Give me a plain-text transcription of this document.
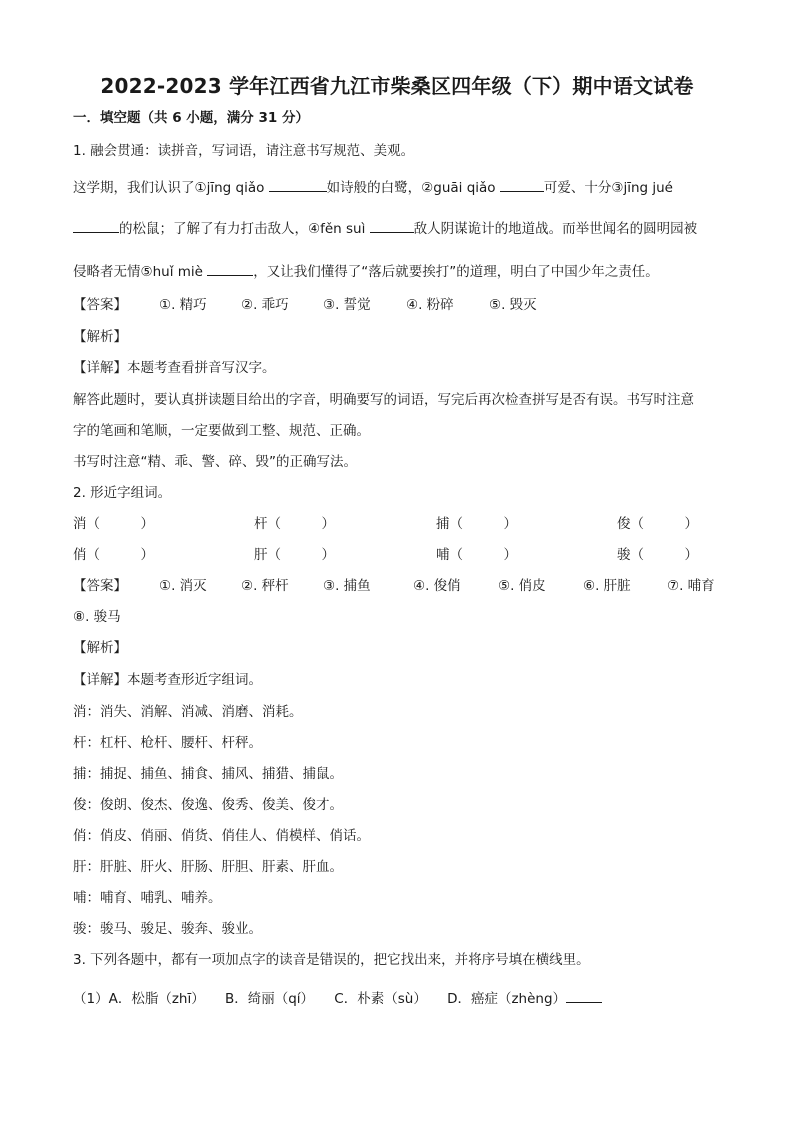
2022-2023 学年江西省九江市柴桑区四年级（下）期中语文试卷
一．填空题（共 6 小题，满分 31 分）
1. 融会贯通：读拼音，写词语，请注意书写规范、美观。
这学期，我们认识了①jīng qiǎo	如诗般的白鹭，②guāi qiǎo	可爱、十分③jīng jué
的松鼠；了解了有力打击敌人，④fěn suì	敌人阴谋诡计的地道战。而举世闻名的圆明园被
侵略者无情⑤huǐ miè	，又让我们懂得了“落后就要挨打”的道理，明白了中国少年之责任。
【答案】 ①. 精巧	②. 乖巧	③. 誓觉	④. 粉碎	⑤. 毁灭
【解析】
【详解】本题考查看拼音写汉字。
解答此题时，要认真拼读题目给出的字音，明确要写的词语，写完后再次检查拼写是否有误。书写时注意
字的笔画和笔顺，一定要做到工整、规范、正确。
书写时注意“精、乖、警、碎、毁”的正确写法。
2. 形近字组词。
消（　　　）	杆（　　　）	捕（　　　）	俊（　　　）
俏（　　　）	肝（　　　）	哺（　　　）	骏（　　　）
【答案】 ①. 消灭	②. 秤杆	③. 捕鱼	④. 俊俏	⑤. 俏皮	⑥. 肝脏	⑦. 哺育
⑧. 骏马
【解析】
【详解】本题考查形近字组词。
消：消失、消解、消减、消磨、消耗。
杆：杠杆、枪杆、腰杆、杆秤。
捕：捕捉、捕鱼、捕食、捕风、捕猎、捕鼠。
俊：俊朗、俊杰、俊逸、俊秀、俊美、俊才。
俏：俏皮、俏丽、俏货、俏佳人、俏模样、俏话。
肝：肝脏、肝火、肝肠、肝胆、肝素、肝血。
哺：哺育、哺乳、哺养。
骏：骏马、骏足、骏奔、骏业。
3. 下列各题中，都有一项加点字的读音是错误的，把它找出来，并将序号填在横线里。
（1）A．松脂（zhī）　　B．绮丽（qí）　　C．朴素（sù）　　D．癌症（zhèng）
